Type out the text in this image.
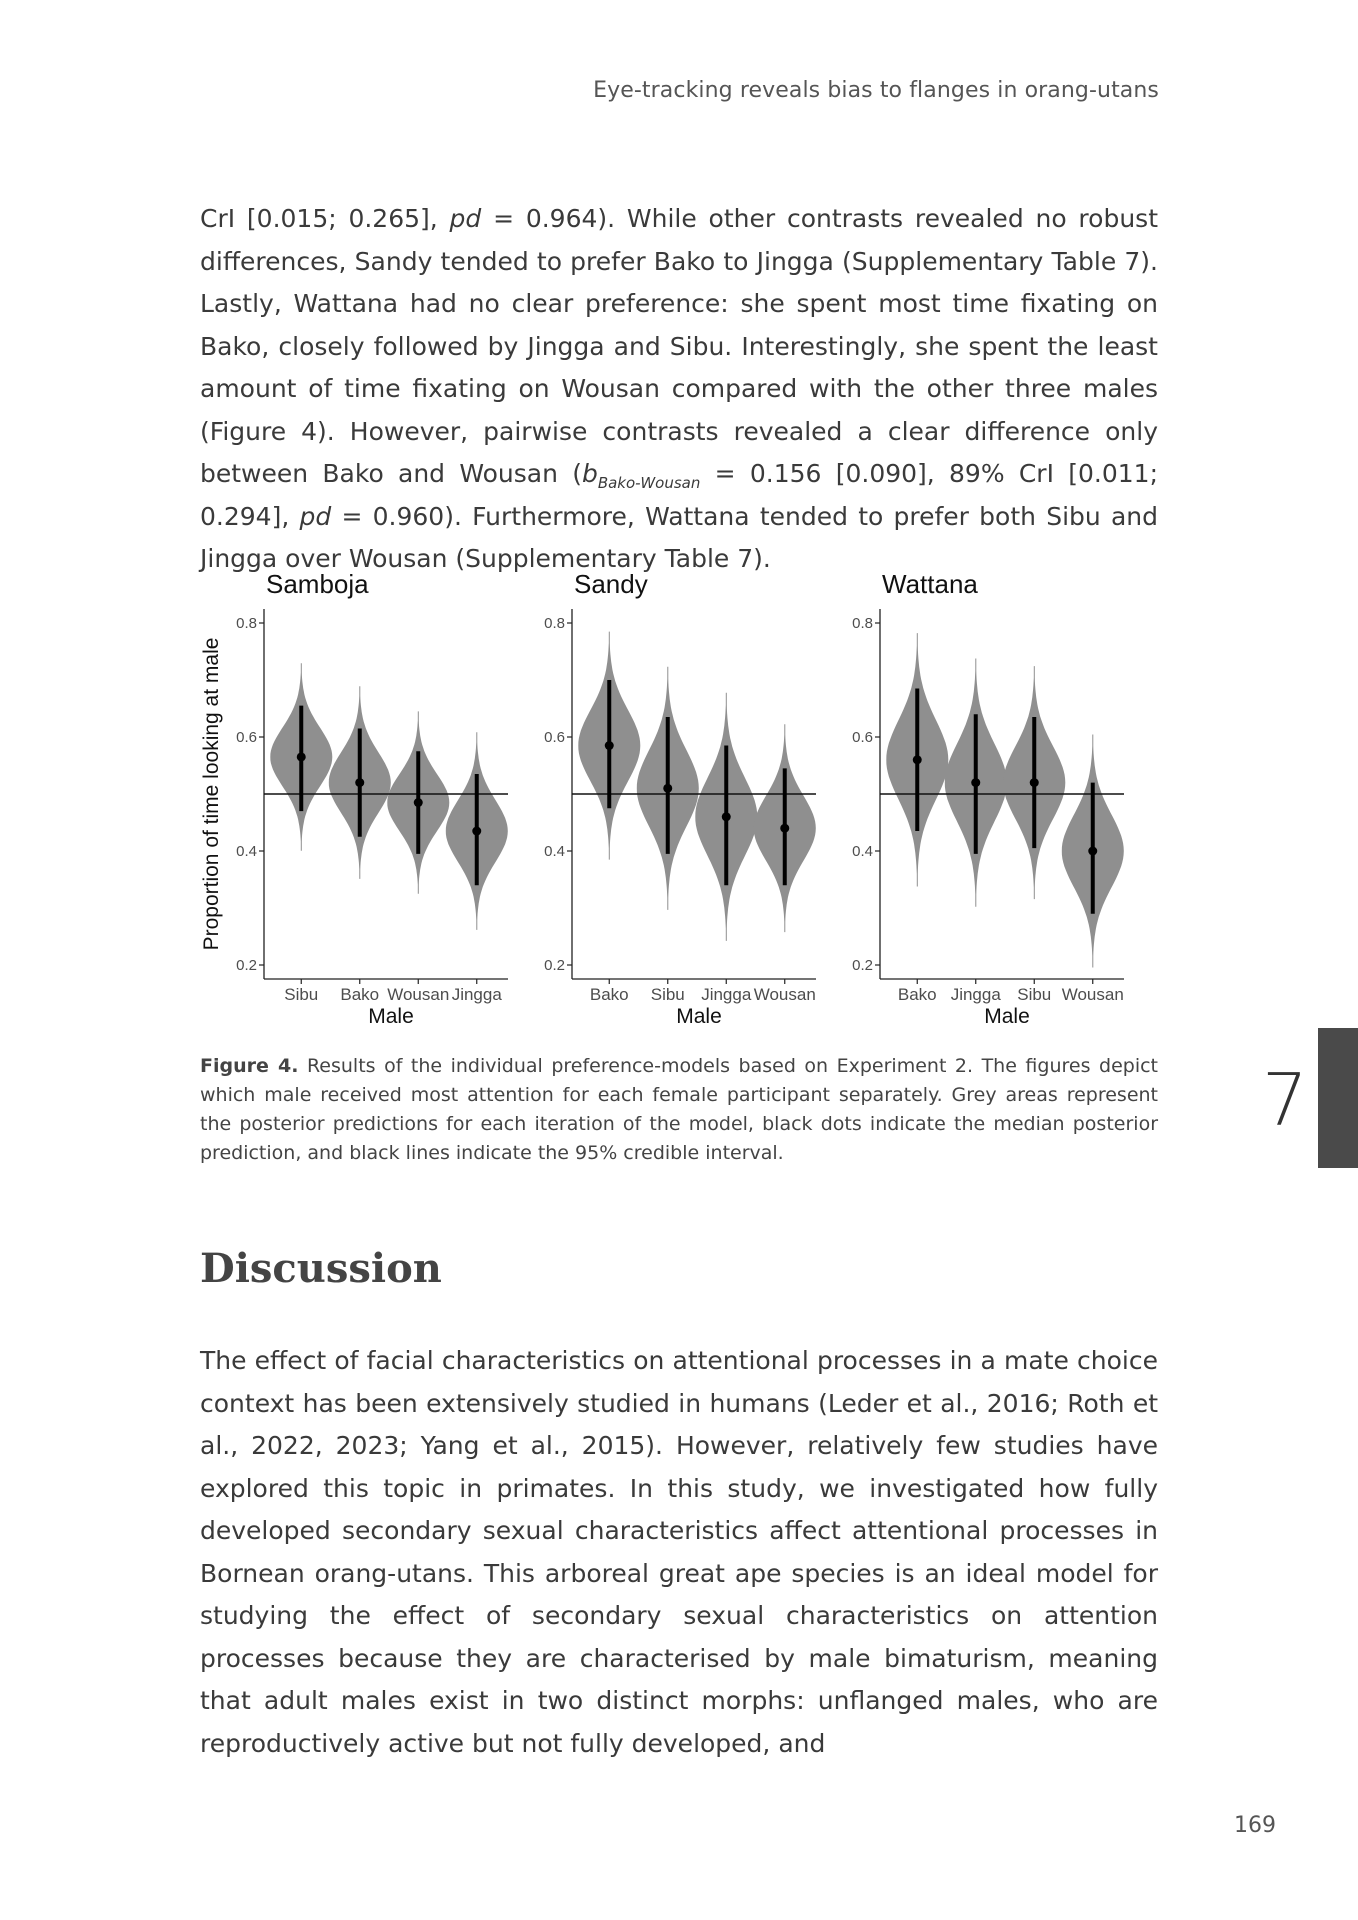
Eye-tracking reveals bias to flanges in orang-utans

CrI [0.015; 0.265], pd = 0.964). While other contrasts revealed no robust differences, Sandy tended to prefer Bako to Jingga (Supplementary Table 7). Lastly, Wattana had no clear preference: she spent most time fixating on Bako, closely followed by Jingga and Sibu. Interestingly, she spent the least amount of time fixating on Wousan compared with the other three males (Figure 4). However, pairwise contrasts revealed a clear difference only between Bako and Wousan ($b_{Bako-Wousan} = 0.156$ [0.090], 89% CrI [0.011; 0.294], pd = 0.960). Furthermore, Wattana tended to prefer both Sibu and Jingga over Wousan (Supplementary Table 7).

Samboja
0.2
0.4
0.6
0.8
Sibu Bako Wousan Jingga
Male
Proportion of time looking at male
Sandy
0.2
0.4
0.6
0.8
Bako Sibu Jingga Wousan
Male
Wattana
0.2
0.4
0.6
0.8
Bako Jingga Sibu Wousan
Male
Figure 4. Results of the individual preference-models based on Experiment 2. The figures depict which male received most attention for each female participant separately. Grey areas represent the posterior predictions for each iteration of the model, black dots indicate the median posterior prediction, and black lines indicate the 95% credible interval.
7
Discussion

The effect of facial characteristics on attentional processes in a mate choice context has been extensively studied in humans (Leder et al., 2016; Roth et al., 2022, 2023; Yang et al., 2015). However, relatively few studies have explored this topic in primates. In this study, we investigated how fully developed secondary sexual characteristics affect attentional processes in Bornean orang-utans. This arboreal great ape species is an ideal model for studying the effect of secondary sexual characteristics on attention processes because they are characterised by male bimaturism, meaning that adult males exist in two distinct morphs: unflanged males, who are reproductively active but not fully developed, and

169
